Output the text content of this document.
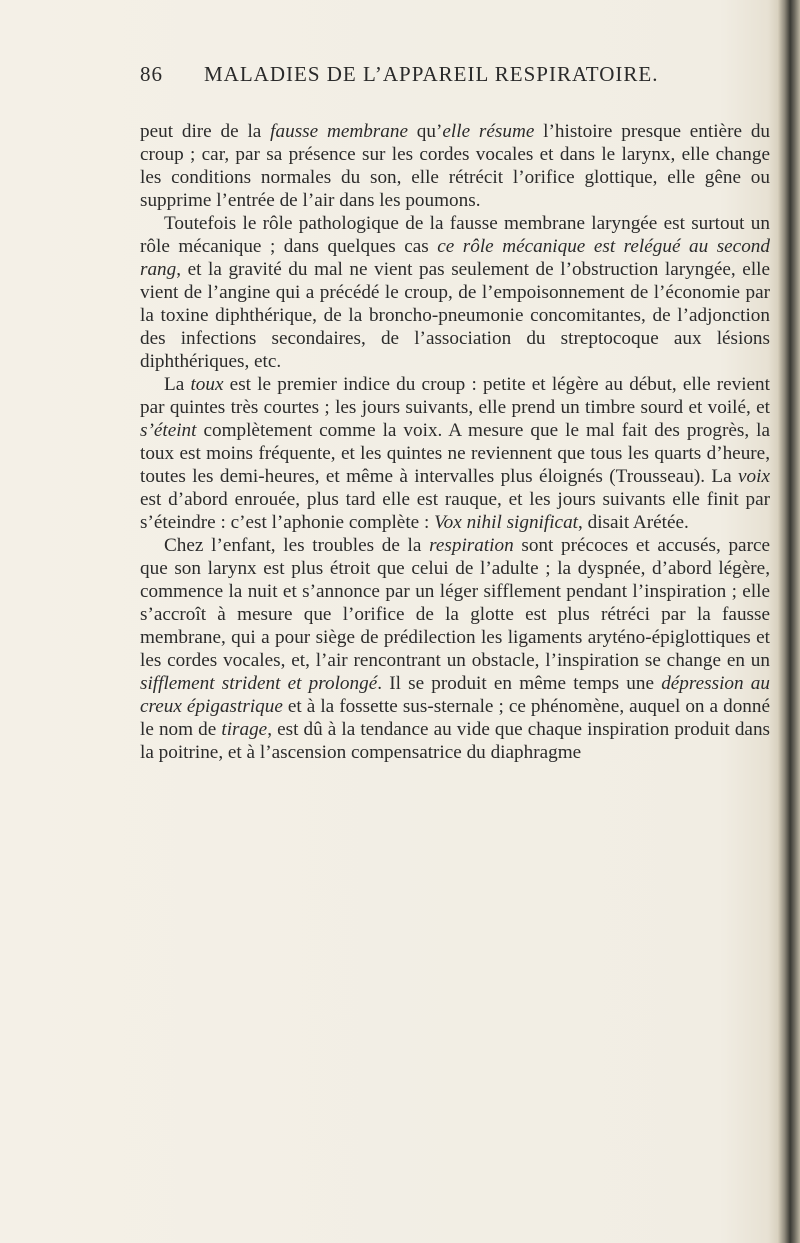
86 MALADIES DE L’APPAREIL RESPIRATOIRE.

peut dire de la fausse membrane qu’elle résume l’histoire presque entière du croup ; car, par sa présence sur les cordes vocales et dans le larynx, elle change les conditions normales du son, elle rétrécit l’orifice glottique, elle gêne ou supprime l’entrée de l’air dans les poumons.

Toutefois le rôle pathologique de la fausse membrane laryngée est surtout un rôle mécanique ; dans quelques cas ce rôle mécanique est relégué au second rang, et la gravité du mal ne vient pas seulement de l’obstruction laryngée, elle vient de l’angine qui a précédé le croup, de l’empoisonnement de l’économie par la toxine diphthérique, de la broncho-pneumonie concomitantes, de l’adjonction des infections secondaires, de l’association du streptocoque aux lésions diphthériques, etc.

La toux est le premier indice du croup : petite et légère au début, elle revient par quintes très courtes ; les jours suivants, elle prend un timbre sourd et voilé, et s’éteint complètement comme la voix. A mesure que le mal fait des progrès, la toux est moins fréquente, et les quintes ne reviennent que tous les quarts d’heure, toutes les demi-heures, et même à intervalles plus éloignés (Trousseau). La voix est d’abord enrouée, plus tard elle est rauque, et les jours suivants elle finit par s’éteindre : c’est l’aphonie complète : Vox nihil significat, disait Arétée.

Chez l’enfant, les troubles de la respiration sont précoces et accusés, parce que son larynx est plus étroit que celui de l’adulte ; la dyspnée, d’abord légère, commence la nuit et s’annonce par un léger sifflement pendant l’inspiration ; elle s’accroît à mesure que l’orifice de la glotte est plus rétréci par la fausse membrane, qui a pour siège de prédilection les ligaments aryténo-épiglottiques et les cordes vocales, et, l’air rencontrant un obstacle, l’inspiration se change en un sifflement strident et prolongé. Il se produit en même temps une dépression au creux épigastrique et à la fossette sus-sternale ; ce phénomène, auquel on a donné le nom de tirage, est dû à la tendance au vide que chaque inspiration produit dans la poitrine, et à l’ascension compensatrice du diaphragme
